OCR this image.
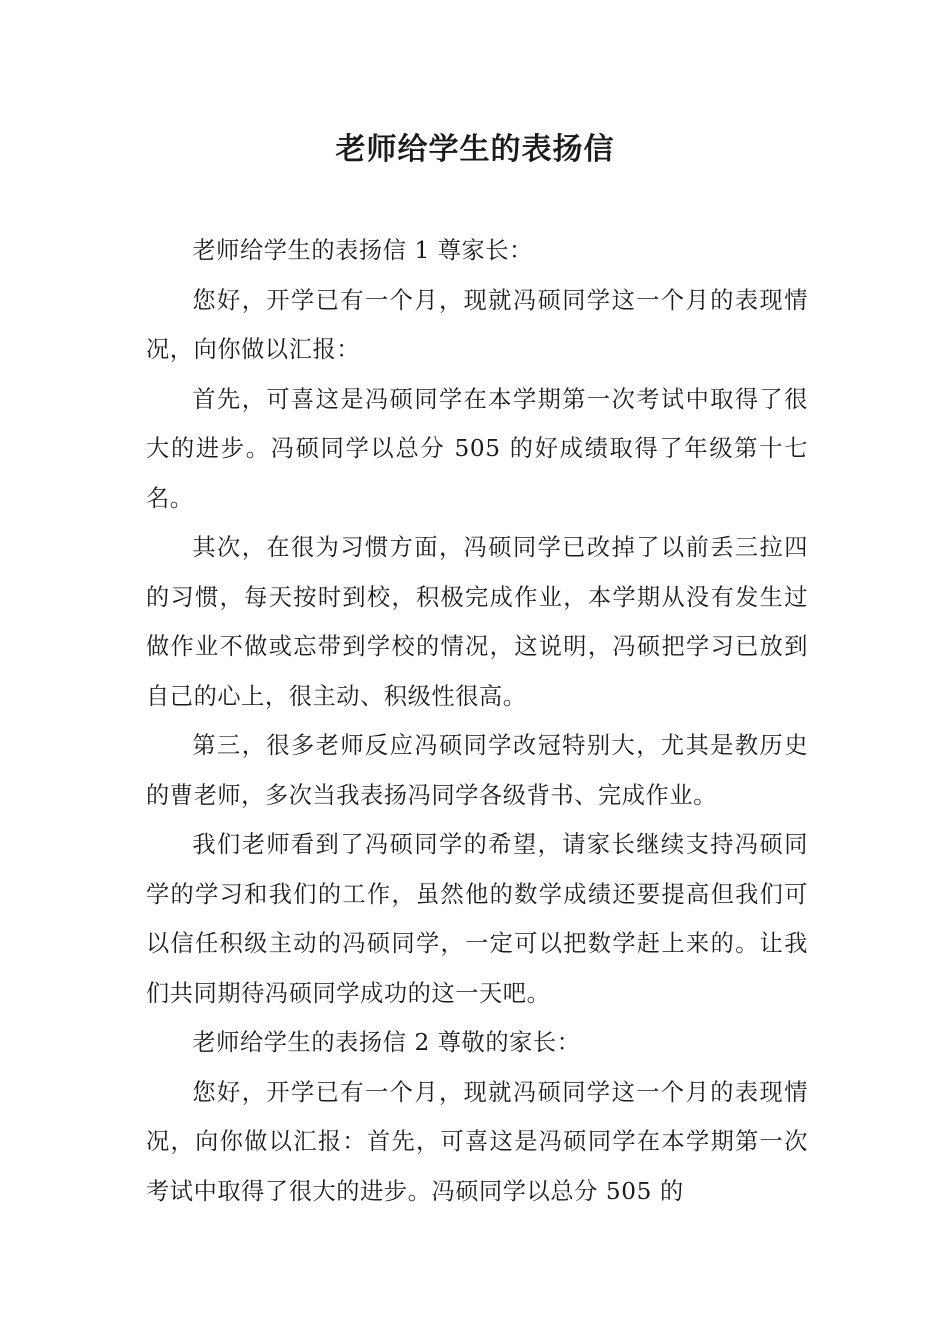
老师给学生的表扬信

老师给学生的表扬信 1 尊家长：

您好，开学已有一个月，现就冯硕同学这一个月的表现情况，向你做以汇报：

首先，可喜这是冯硕同学在本学期第一次考试中取得了很大的进步。冯硕同学以总分 505 的好成绩取得了年级第十七名。

其次，在很为习惯方面，冯硕同学已改掉了以前丢三拉四的习惯，每天按时到校，积极完成作业，本学期从没有发生过做作业不做或忘带到学校的情况，这说明，冯硕把学习已放到自己的心上，很主动、积级性很高。

第三，很多老师反应冯硕同学改冠特别大，尤其是教历史的曹老师，多次当我表扬冯同学各级背书、完成作业。

我们老师看到了冯硕同学的希望，请家长继续支持冯硕同学的学习和我们的工作，虽然他的数学成绩还要提高但我们可以信任积级主动的冯硕同学，一定可以把数学赶上来的。让我们共同期待冯硕同学成功的这一天吧。

老师给学生的表扬信 2 尊敬的家长：

您好，开学已有一个月，现就冯硕同学这一个月的表现情况，向你做以汇报：首先，可喜这是冯硕同学在本学期第一次考试中取得了很大的进步。冯硕同学以总分 505 的
